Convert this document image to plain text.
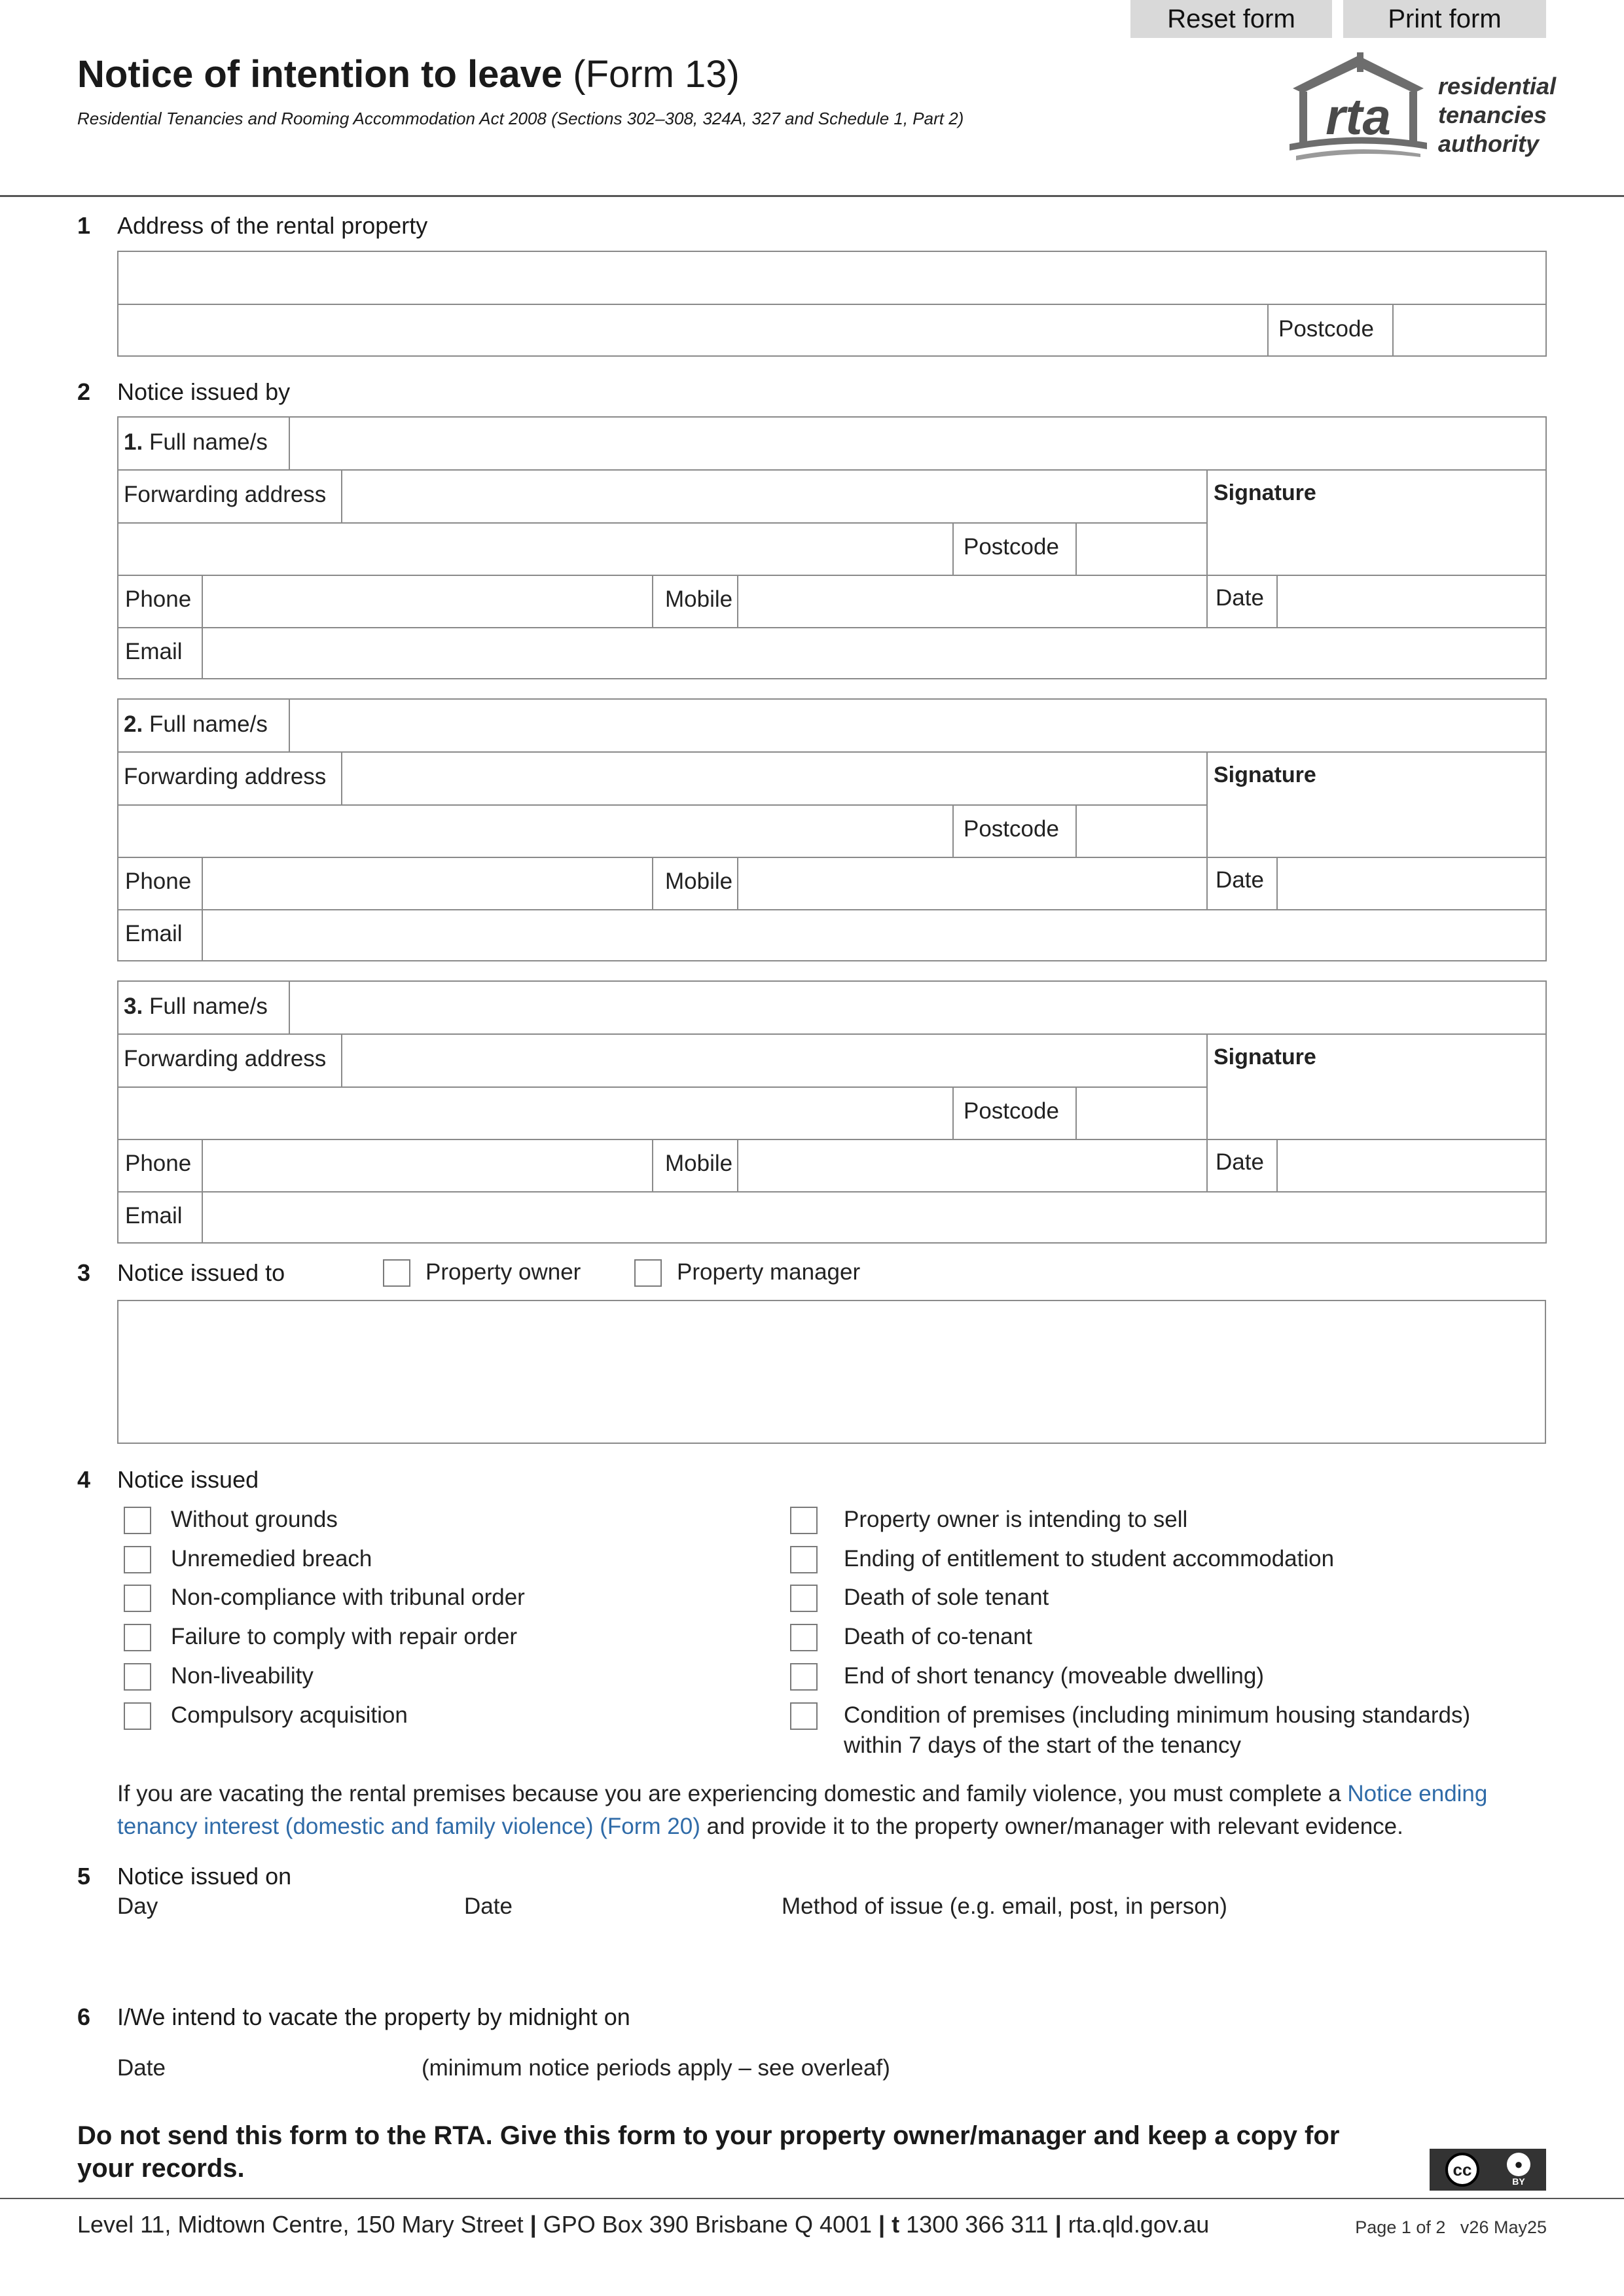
Reset form	Print form
Notice of intention to leave (Form 13)
Residential Tenancies and Rooming Accommodation Act 2008 (Sections 302–308, 324A, 327 and Schedule 1, Part 2)	rta
residential
tenancies
authority
1 Address of the rental property
Postcode
2 Notice issued by
1. Full name/s
Forwarding address	Signature
Postcode
Phone	Mobile	Date
Email
2. Full name/s
Forwarding address	Signature
Postcode
Phone	Mobile	Date
Email
3. Full name/s
Forwarding address	Signature
Postcode
Phone	Mobile	Date
Email
3 Notice issued to	Property owner	Property manager
4 Notice issued
Without grounds
Unremedied breach
Non-compliance with tribunal order
Failure to comply with repair order
Non-liveability
Compulsory acquisition
Property owner is intending to sell
Ending of entitlement to student accommodation
Death of sole tenant
Death of co-tenant
End of short tenancy (moveable dwelling)
Condition of premises (including minimum housing standards)
within 7 days of the start of the tenancy
If you are vacating the rental premises because you are experiencing domestic and family violence, you must complete a Notice ending tenancy interest (domestic and family violence) (Form 20) and provide it to the property owner/manager with relevant evidence.
5 Notice issued on
Day	Date	Method of issue (e.g. email, post, in person)
6 I/We intend to vacate the property by midnight on
Date	(minimum notice periods apply – see overleaf)
Do not send this form to the RTA. Give this form to your property owner/manager and keep a copy for your records.	cc	●
BY
Level 11, Midtown Centre, 150 Mary Street | GPO Box 390 Brisbane Q 4001 | t 1300 366 311 | rta.qld.gov.au	Page 1 of 2 v26 May25
